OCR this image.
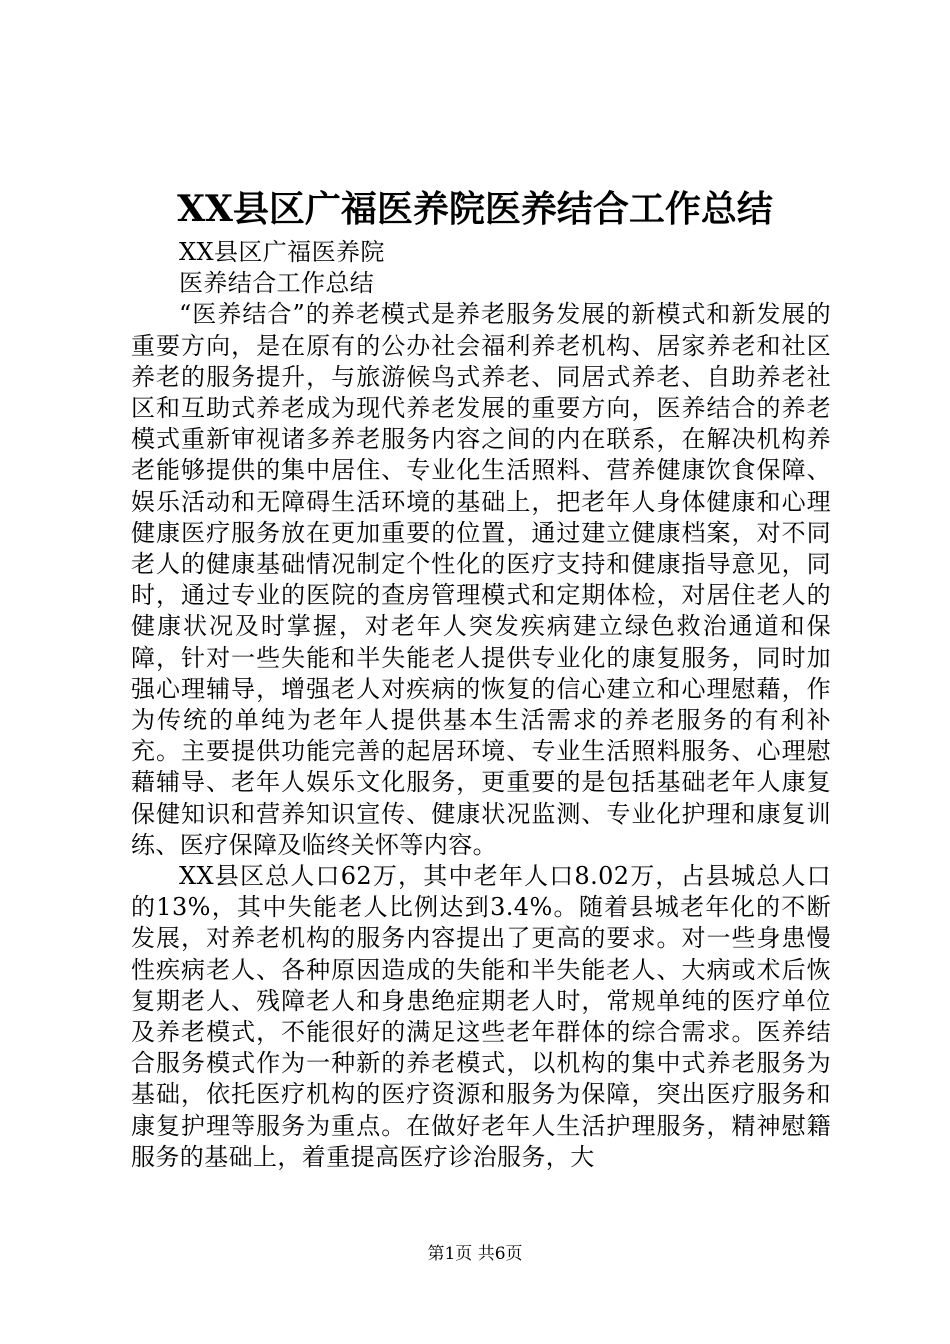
XX县区广福医养院医养结合工作总结

XX县区广福医养院

医养结合工作总结

“医养结合”的养老模式是养老服务发展的新模式和新发展的重要方向，是在原有的公办社会福利养老机构、居家养老和社区养老的服务提升，与旅游候鸟式养老、同居式养老、自助养老社区和互助式养老成为现代养老发展的重要方向，医养结合的养老模式重新审视诸多养老服务内容之间的内在联系，在解决机构养老能够提供的集中居住、专业化生活照料、营养健康饮食保障、娱乐活动和无障碍生活环境的基础上，把老年人身体健康和心理健康医疗服务放在更加重要的位置，通过建立健康档案，对不同老人的健康基础情况制定个性化的医疗支持和健康指导意见，同时，通过专业的医院的查房管理模式和定期体检，对居住老人的健康状况及时掌握，对老年人突发疾病建立绿色救治通道和保障，针对一些失能和半失能老人提供专业化的康复服务，同时加强心理辅导，增强老人对疾病的恢复的信心建立和心理慰藉，作为传统的单纯为老年人提供基本生活需求的养老服务的有利补充。主要提供功能完善的起居环境、专业生活照料服务、心理慰藉辅导、老年人娱乐文化服务，更重要的是包括基础老年人康复保健知识和营养知识宣传、健康状况监测、专业化护理和康复训练、医疗保障及临终关怀等内容。

XX县区总人口62万，其中老年人口8.02万，占县城总人口的13%，其中失能老人比例达到3.4%。随着县城老年化的不断发展，对养老机构的服务内容提出了更高的要求。对一些身患慢性疾病老人、各种原因造成的失能和半失能老人、大病或术后恢复期老人、残障老人和身患绝症期老人时，常规单纯的医疗单位及养老模式，不能很好的满足这些老年群体的综合需求。医养结合服务模式作为一种新的养老模式，以机构的集中式养老服务为基础，依托医疗机构的医疗资源和服务为保障，突出医疗服务和康复护理等服务为重点。在做好老年人生活护理服务，精神慰籍服务的基础上，着重提高医疗诊治服务，大

第1页 共6页
